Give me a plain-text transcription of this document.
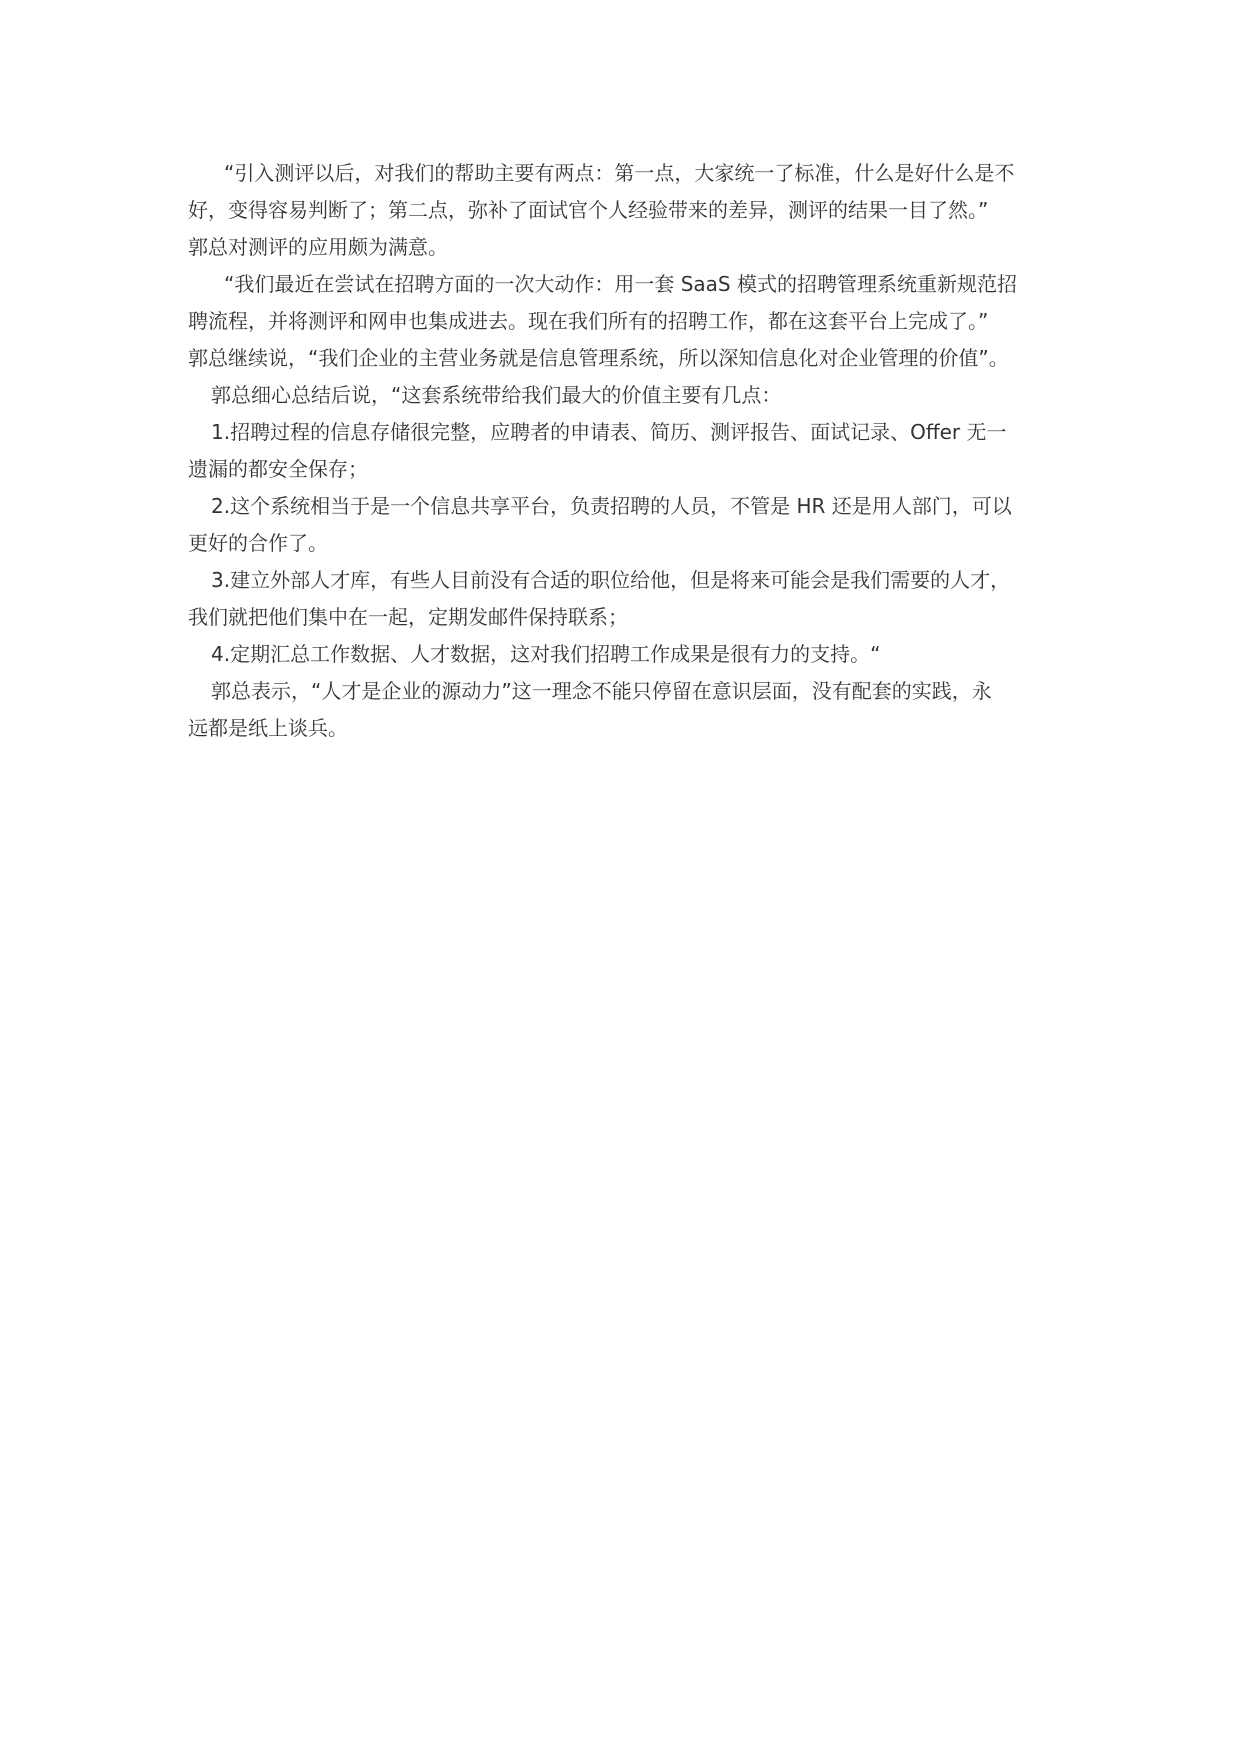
“引入测评以后，对我们的帮助主要有两点：第一点，大家统一了标准，什么是好什么是不
好，变得容易判断了；第二点，弥补了面试官个人经验带来的差异，测评的结果一目了然。”
郭总对测评的应用颇为满意。
“我们最近在尝试在招聘方面的一次大动作：用一套 SaaS 模式的招聘管理系统重新规范招
聘流程，并将测评和网申也集成进去。现在我们所有的招聘工作，都在这套平台上完成了。”
郭总继续说，“我们企业的主营业务就是信息管理系统，所以深知信息化对企业管理的价值”。
郭总细心总结后说，“这套系统带给我们最大的价值主要有几点：
1.招聘过程的信息存储很完整，应聘者的申请表、简历、测评报告、面试记录、Offer 无一
遗漏的都安全保存；
2.这个系统相当于是一个信息共享平台，负责招聘的人员，不管是 HR 还是用人部门，可以
更好的合作了。
3.建立外部人才库，有些人目前没有合适的职位给他，但是将来可能会是我们需要的人才，
我们就把他们集中在一起，定期发邮件保持联系；
4.定期汇总工作数据、人才数据，这对我们招聘工作成果是很有力的支持。“
郭总表示，“人才是企业的源动力”这一理念不能只停留在意识层面，没有配套的实践，永
远都是纸上谈兵。
